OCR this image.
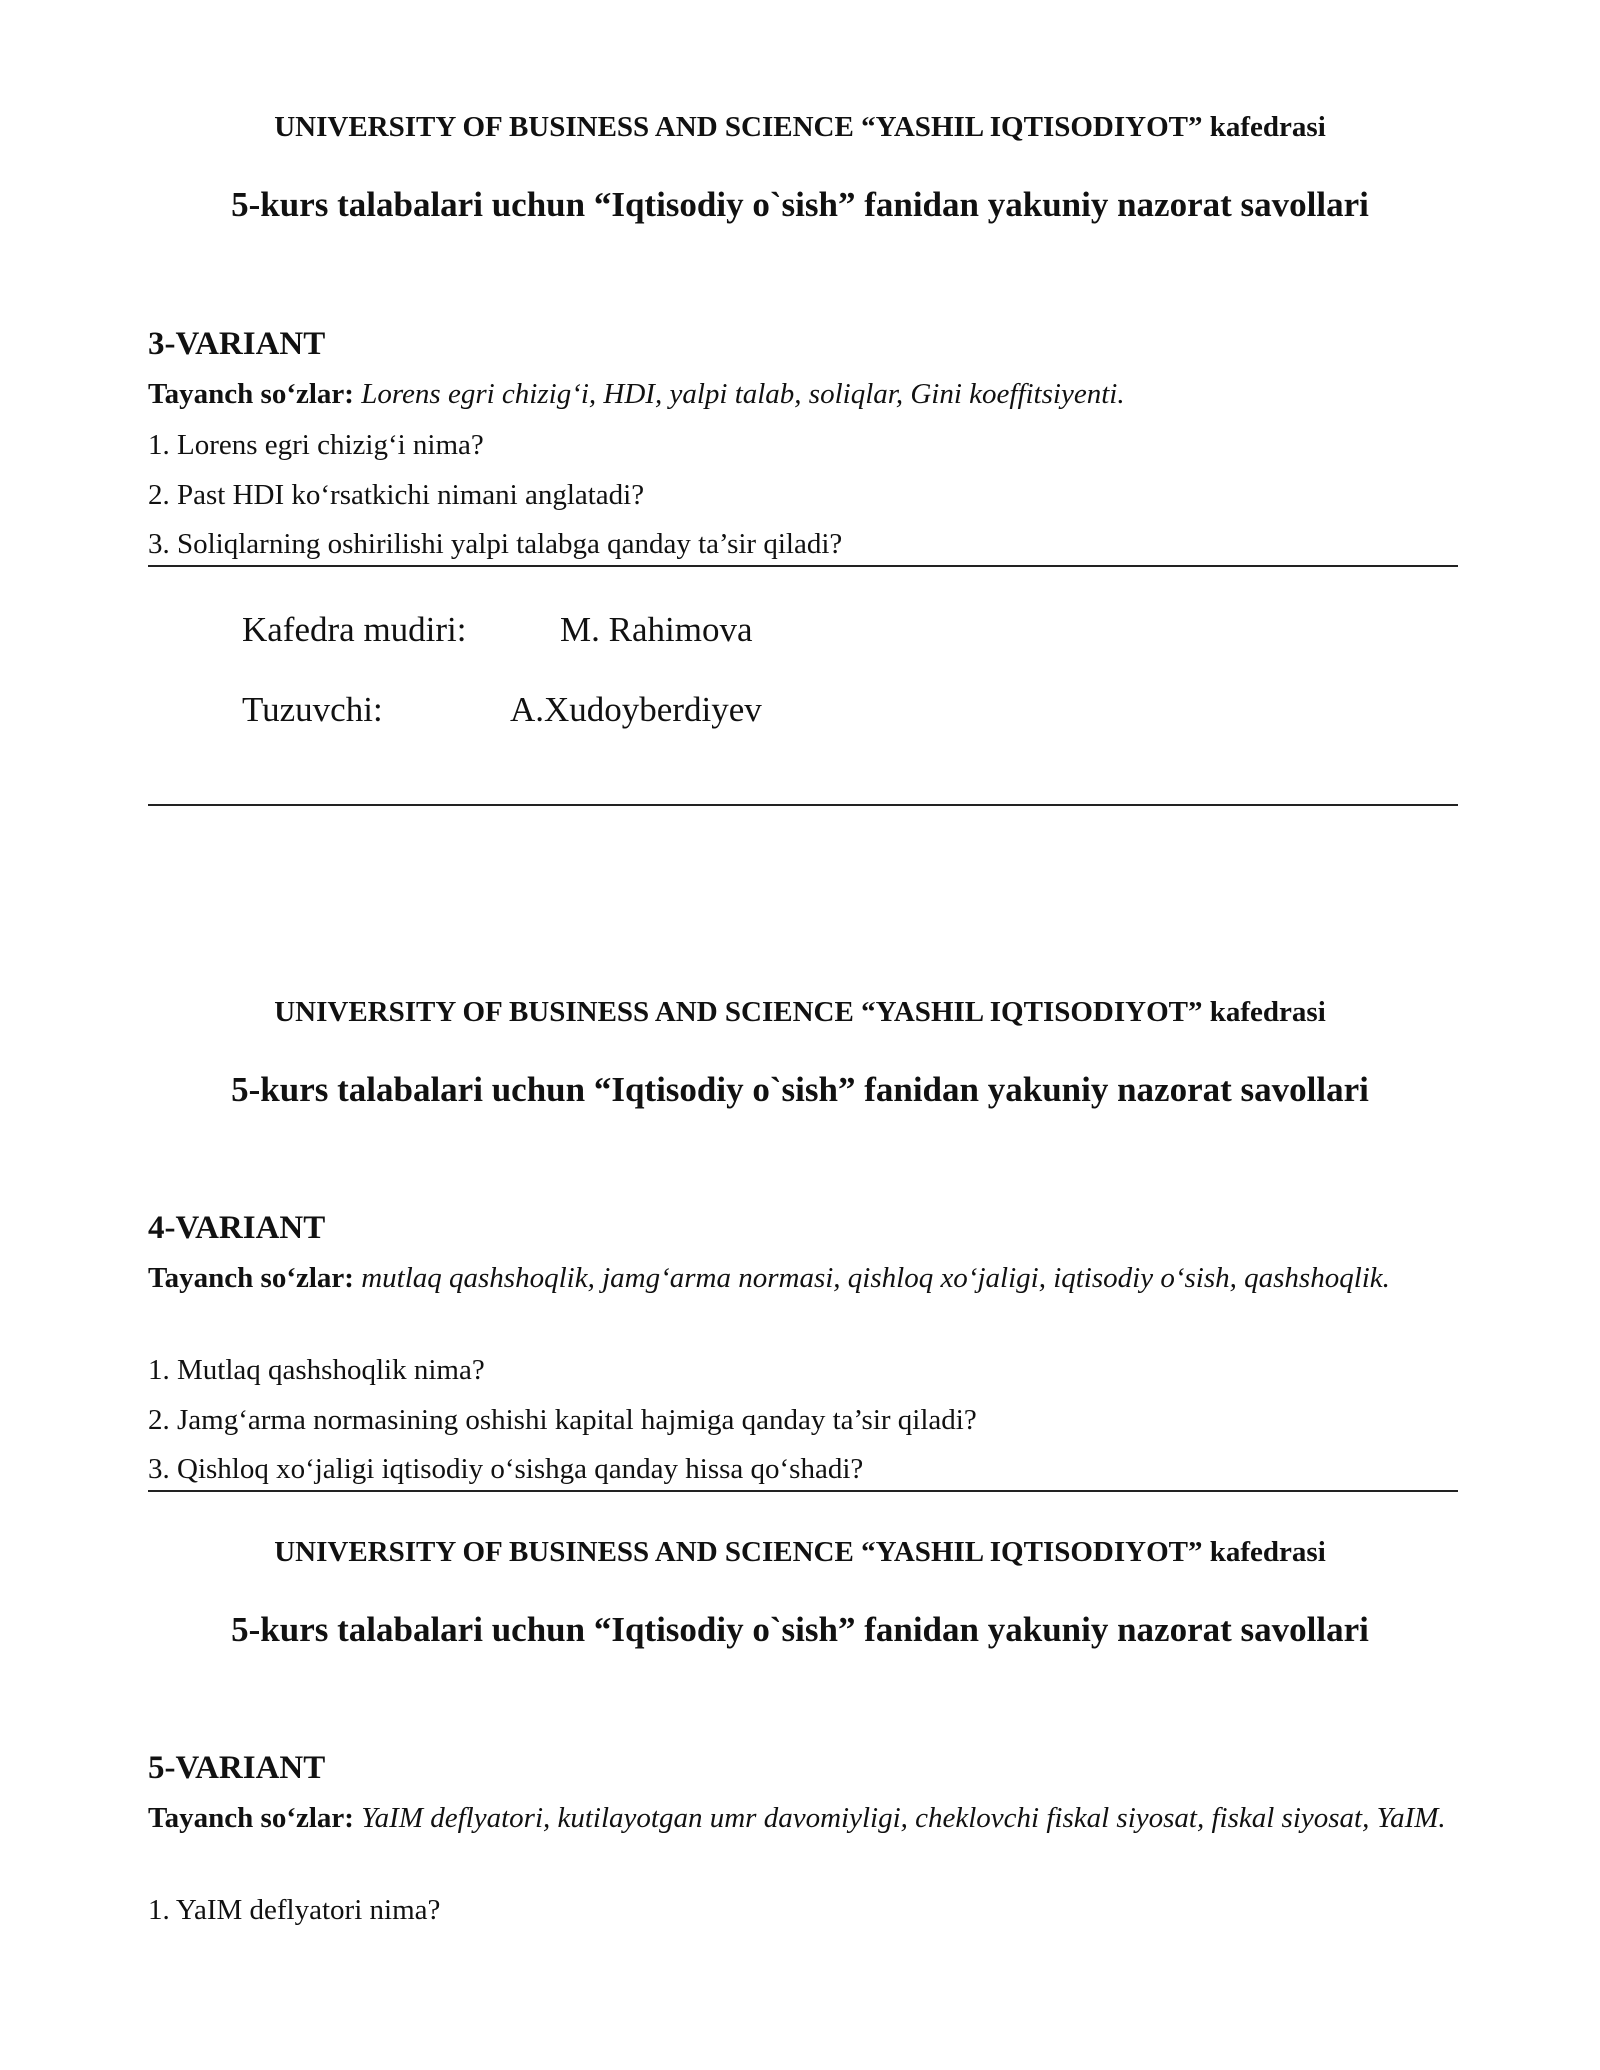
UNIVERSITY OF BUSINESS AND SCIENCE “YASHIL IQTISODIYOT” kafedrasi
5-kurs talabalari uchun “Iqtisodiy o`sish” fanidan yakuniy nazorat savollari
3-VARIANT
Tayanch so‘zlar: Lorens egri chizig‘i, HDI, yalpi talab, soliqlar, Gini koeffitsiyenti.
1. Lorens egri chizig‘i nima?
2. Past HDI ko‘rsatkichi nimani anglatadi?
3. Soliqlarning oshirilishi yalpi talabga qanday ta’sir qiladi?
Kafedra mudiri:	M. Rahimova
Tuzuvchi:	A.Xudoyberdiyev
UNIVERSITY OF BUSINESS AND SCIENCE “YASHIL IQTISODIYOT” kafedrasi
5-kurs talabalari uchun “Iqtisodiy o`sish” fanidan yakuniy nazorat savollari
4-VARIANT
Tayanch so‘zlar: mutlaq qashshoqlik, jamg‘arma normasi, qishloq xo‘jaligi, iqtisodiy o‘sish, qashshoqlik.
1. Mutlaq qashshoqlik nima?
2. Jamg‘arma normasining oshishi kapital hajmiga qanday ta’sir qiladi?
3. Qishloq xo‘jaligi iqtisodiy o‘sishga qanday hissa qo‘shadi?
UNIVERSITY OF BUSINESS AND SCIENCE “YASHIL IQTISODIYOT” kafedrasi
5-kurs talabalari uchun “Iqtisodiy o`sish” fanidan yakuniy nazorat savollari
5-VARIANT
Tayanch so‘zlar: YaIM deflyatori, kutilayotgan umr davomiyligi, cheklovchi fiskal siyosat, fiskal siyosat, YaIM.
1. YaIM deflyatori nima?
